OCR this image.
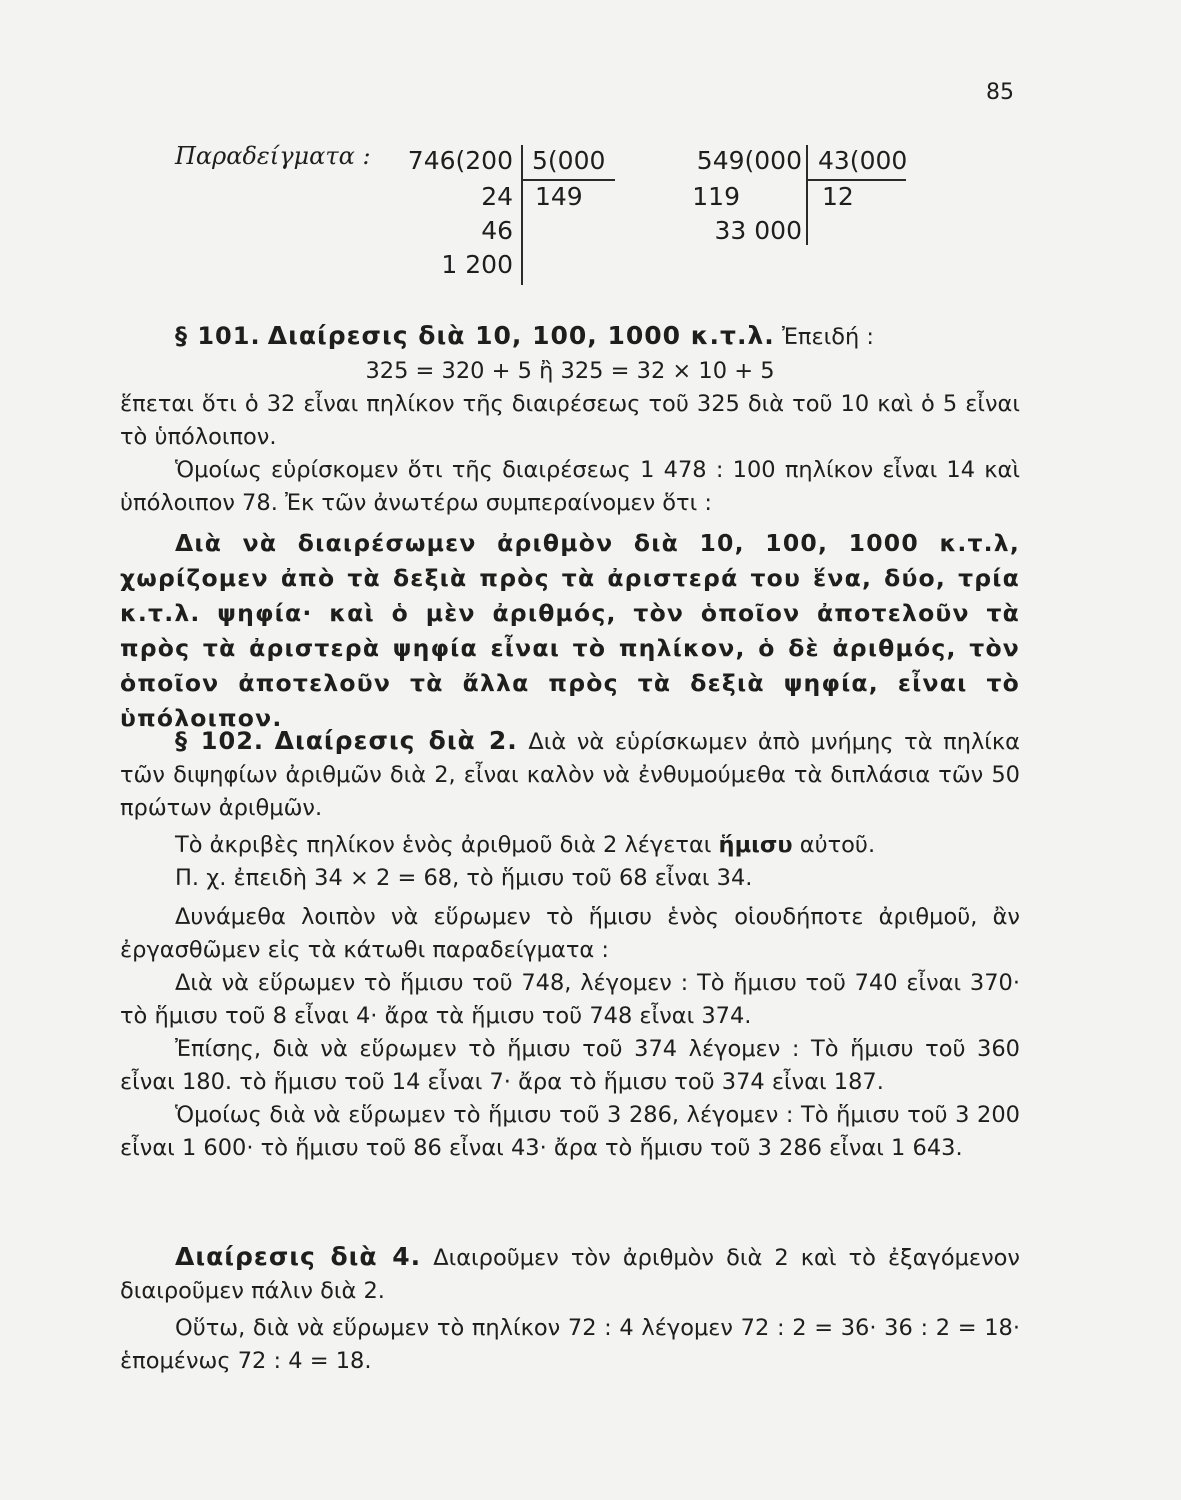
85
Παραδείγματα : 746(200
24
46
1 200
5(000
149
549(000
119
33 000
43(000
12

§ 101. Διαίρεσις διὰ 10, 100, 1000 κ.τ.λ. Ἐπειδή :

325 = 320 + 5 ἢ 325 = 32 × 10 + 5

ἕπεται ὅτι ὁ 32 εἶναι πηλίκον τῆς διαιρέσεως τοῦ 325 διὰ τοῦ 10 καὶ ὁ 5 εἶναι τὸ ὑπόλοιπον.

Ὁμοίως εὑρίσκομεν ὅτι τῆς διαιρέσεως 1 478 : 100 πηλίκον εἶναι 14 καὶ ὑπόλοιπον 78. Ἐκ τῶν ἀνωτέρω συμπεραίνομεν ὅτι :

Διὰ νὰ διαιρέσωμεν ἀριθμὸν διὰ 10, 100, 1000 κ.τ.λ, χωρίζομεν ἀπὸ τὰ δεξιὰ πρὸς τὰ ἀριστερά του ἕνα, δύο, τρία κ.τ.λ. ψηφία· καὶ ὁ μὲν ἀριθμός, τὸν ὁποῖον ἀποτελοῦν τὰ πρὸς τὰ ἀριστερὰ ψηφία εἶναι τὸ πηλίκον, ὁ δὲ ἀριθμός, τὸν ὁποῖον ἀποτελοῦν τὰ ἄλλα πρὸς τὰ δεξιὰ ψηφία, εἶναι τὸ ὑπόλοιπον.

§ 102. Διαίρεσις διὰ 2. Διὰ νὰ εὑρίσκωμεν ἀπὸ μνήμης τὰ πηλίκα τῶν διψηφίων ἀριθμῶν διὰ 2, εἶναι καλὸν νὰ ἐνθυμούμεθα τὰ διπλάσια τῶν 50 πρώτων ἀριθμῶν.

Τὸ ἀκριβὲς πηλίκον ἑνὸς ἀριθμοῦ διὰ 2 λέγεται ἥμισυ αὐτοῦ.

Π. χ. ἐπειδὴ 34 × 2 = 68, τὸ ἥμισυ τοῦ 68 εἶναι 34.

Δυνάμεθα λοιπὸν νὰ εὕρωμεν τὸ ἥμισυ ἑνὸς οἱουδήποτε ἀριθμοῦ, ἂν ἐργασθῶμεν εἰς τὰ κάτωθι παραδείγματα :

Διὰ νὰ εὕρωμεν τὸ ἥμισυ τοῦ 748, λέγομεν : Τὸ ἥμισυ τοῦ 740 εἶναι 370· τὸ ἥμισυ τοῦ 8 εἶναι 4· ἄρα τὰ ἥμισυ τοῦ 748 εἶναι 374.

Ἐπίσης, διὰ νὰ εὕρωμεν τὸ ἥμισυ τοῦ 374 λέγομεν : Τὸ ἥμισυ τοῦ 360 εἶναι 180. τὸ ἥμισυ τοῦ 14 εἶναι 7· ἄρα τὸ ἥμισυ τοῦ 374 εἶναι 187.

Ὁμοίως διὰ νὰ εὕρωμεν τὸ ἥμισυ τοῦ 3 286, λέγομεν : Τὸ ἥμισυ τοῦ 3 200 εἶναι 1 600· τὸ ἥμισυ τοῦ 86 εἶναι 43· ἄρα τὸ ἥμισυ τοῦ 3 286 εἶναι 1 643.

Διαίρεσις διὰ 4. Διαιροῦμεν τὸν ἀριθμὸν διὰ 2 καὶ τὸ ἐξαγόμενον διαιροῦμεν πάλιν διὰ 2.

Οὕτω, διὰ νὰ εὕρωμεν τὸ πηλίκον 72 : 4 λέγομεν 72 : 2 = 36· 36 : 2 = 18· ἑπομένως 72 : 4 = 18.
